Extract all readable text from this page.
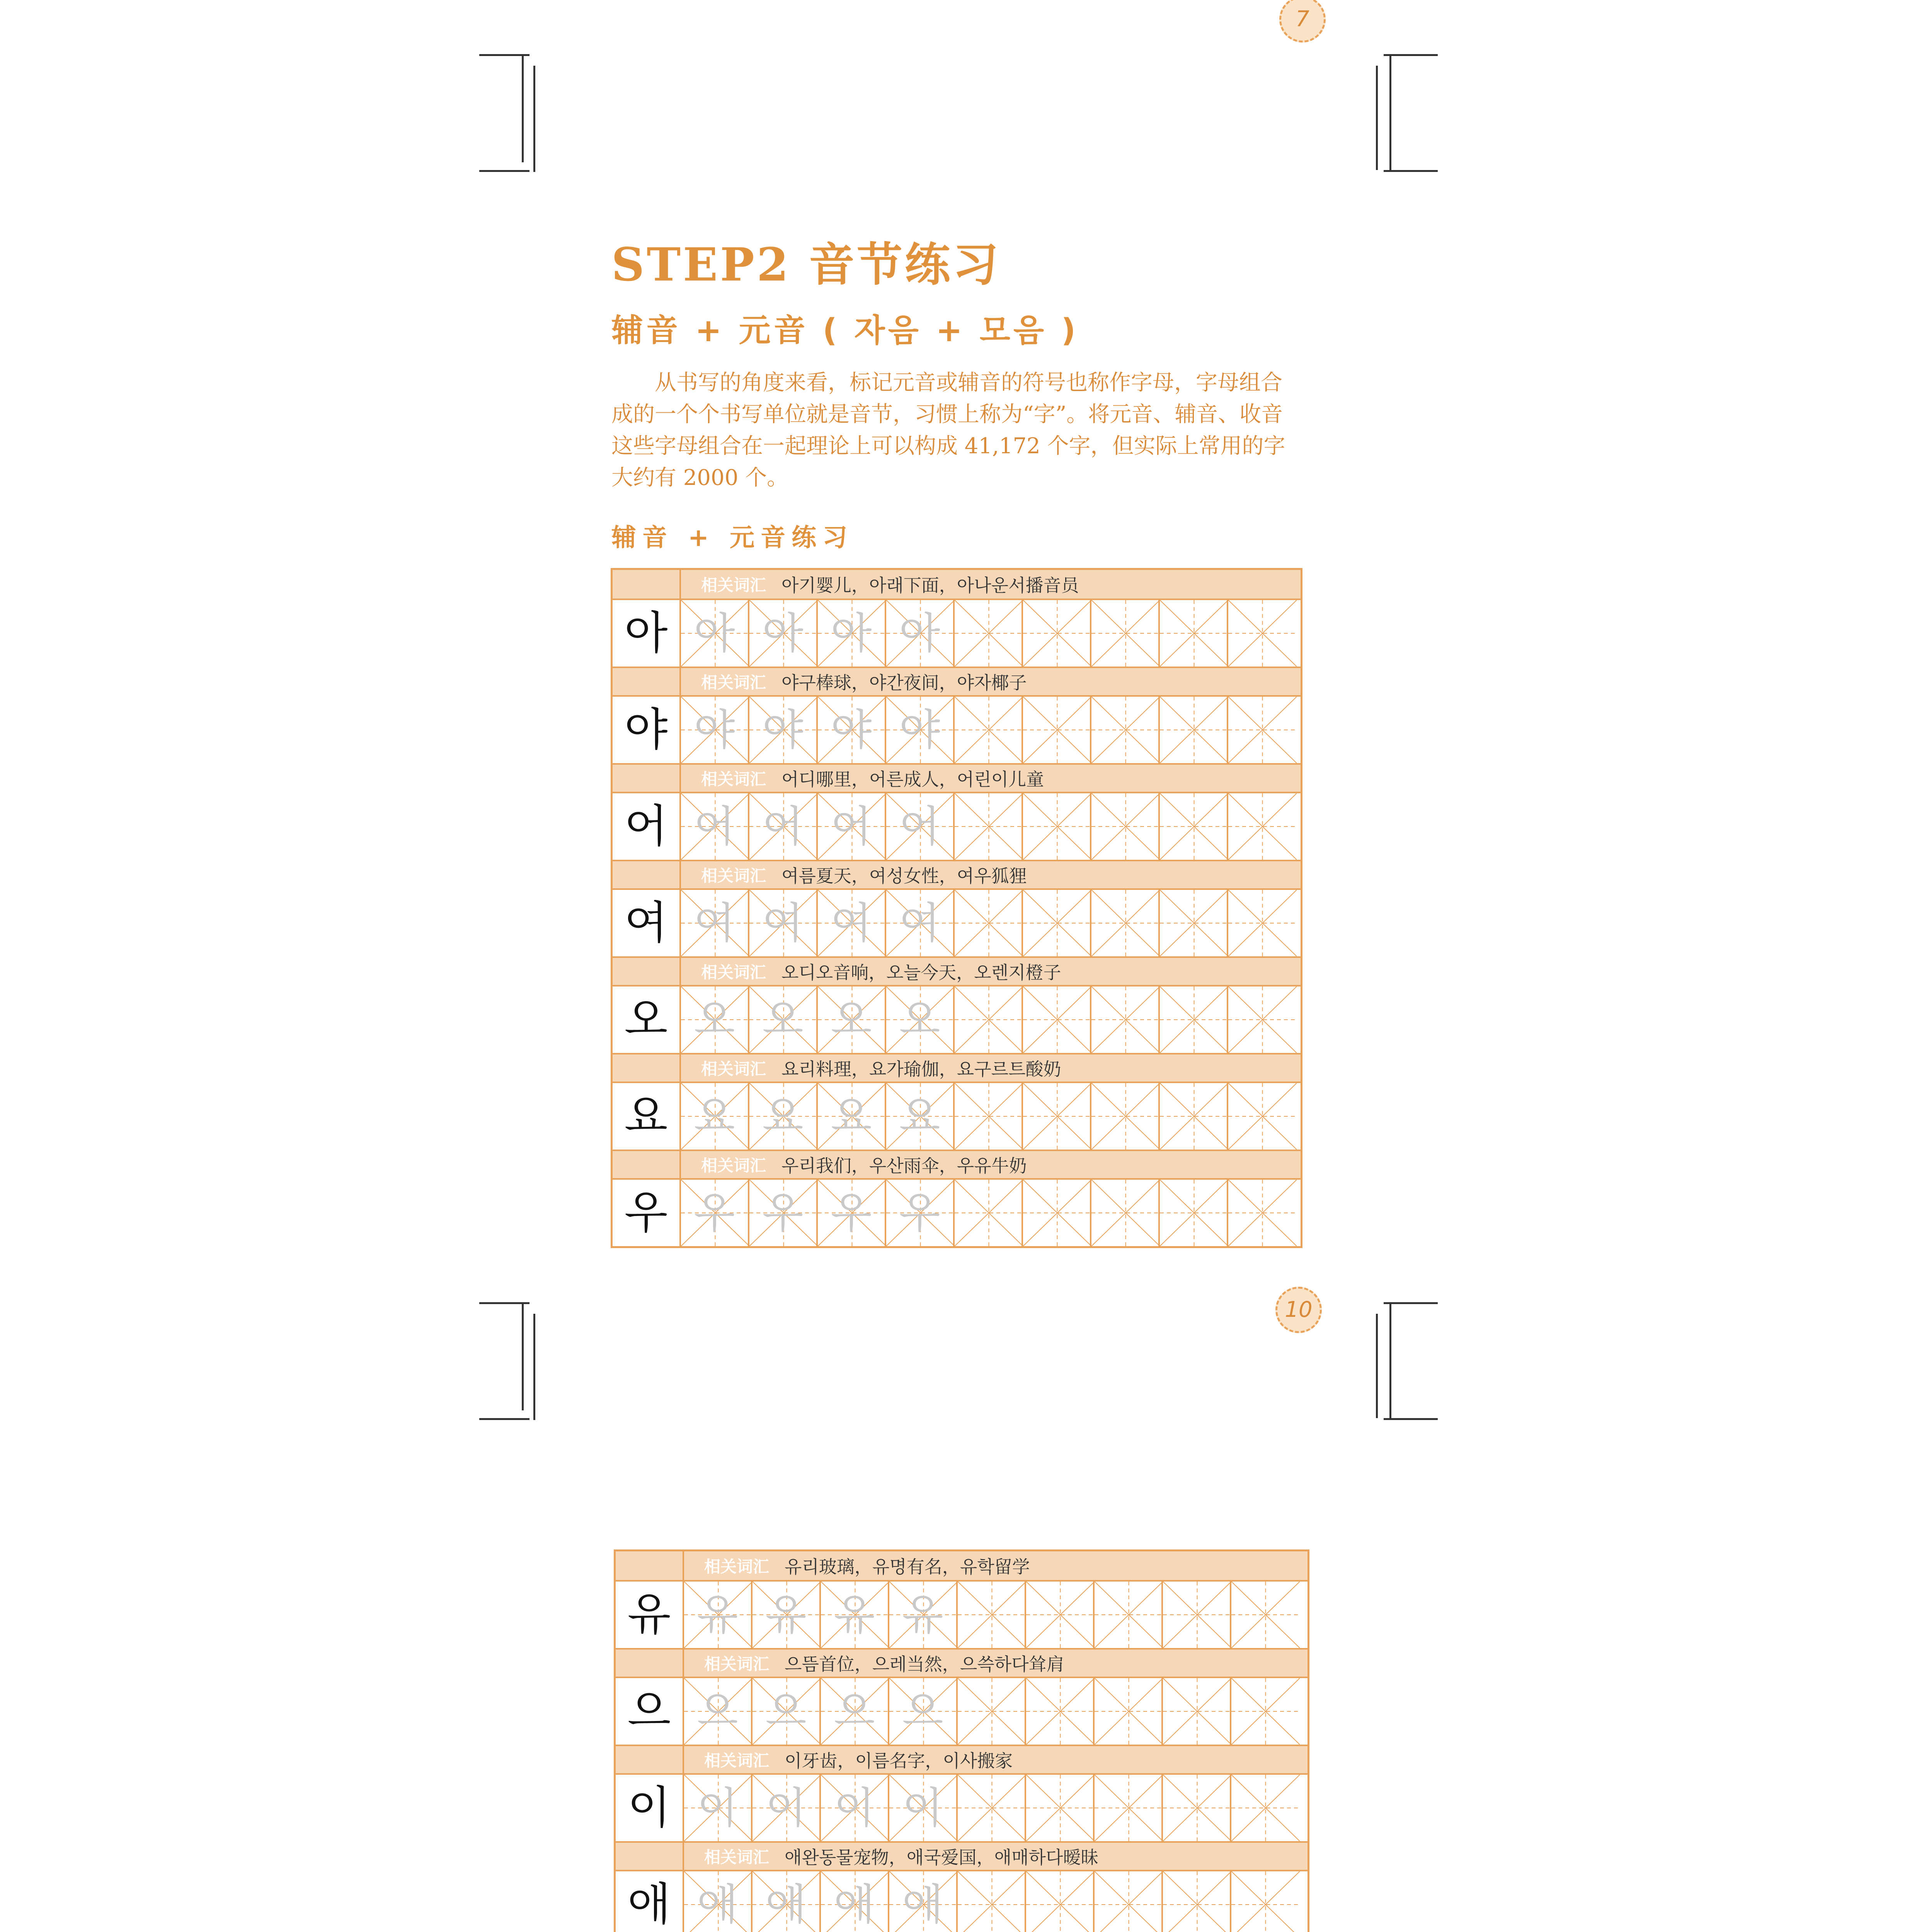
7
STEP2 音节练习
辅音 + 元音 ( 자음 + 모음 )

从书写的角度来看，标记元音或辅音的符号也称作字母，字母组合成的一个个书写单位就是音节，习惯上称为“字”。将元音、辅音、收音这些字母组合在一起理论上可以构成 41,172 个字，但实际上常用的字大约有 2000 个。

辅音 + 元音练习
相关词汇 아기婴儿，아래下面，아나운서播音员
아 아 아 아 아
相关词汇 야구棒球，야간夜间，야자椰子
야 야 야 야 야
相关词汇 어디哪里，어른成人，어린이儿童
어 어 어 어 어
相关词汇 여름夏天，여성女性，여우狐狸
여 여 여 여 여
相关词汇 오디오音响，오늘今天，오렌지橙子
오 오 오 오 오
相关词汇 요리料理，요가瑜伽，요구르트酸奶
요 요 요 요 요
相关词汇 우리我们，우산雨伞，우유牛奶
우 우 우 우 우
10
相关词汇 유리玻璃，유명有名，유학留学
유 유 유 유 유
相关词汇 으뜸首位，으레当然，으쓱하다耸肩
으 으 으 으 으
相关词汇 이牙齿，이름名字，이사搬家
이 이 이 이 이
相关词汇 애완동물宠物，애국爱国，애매하다暧昧
애 애 애 애 애
